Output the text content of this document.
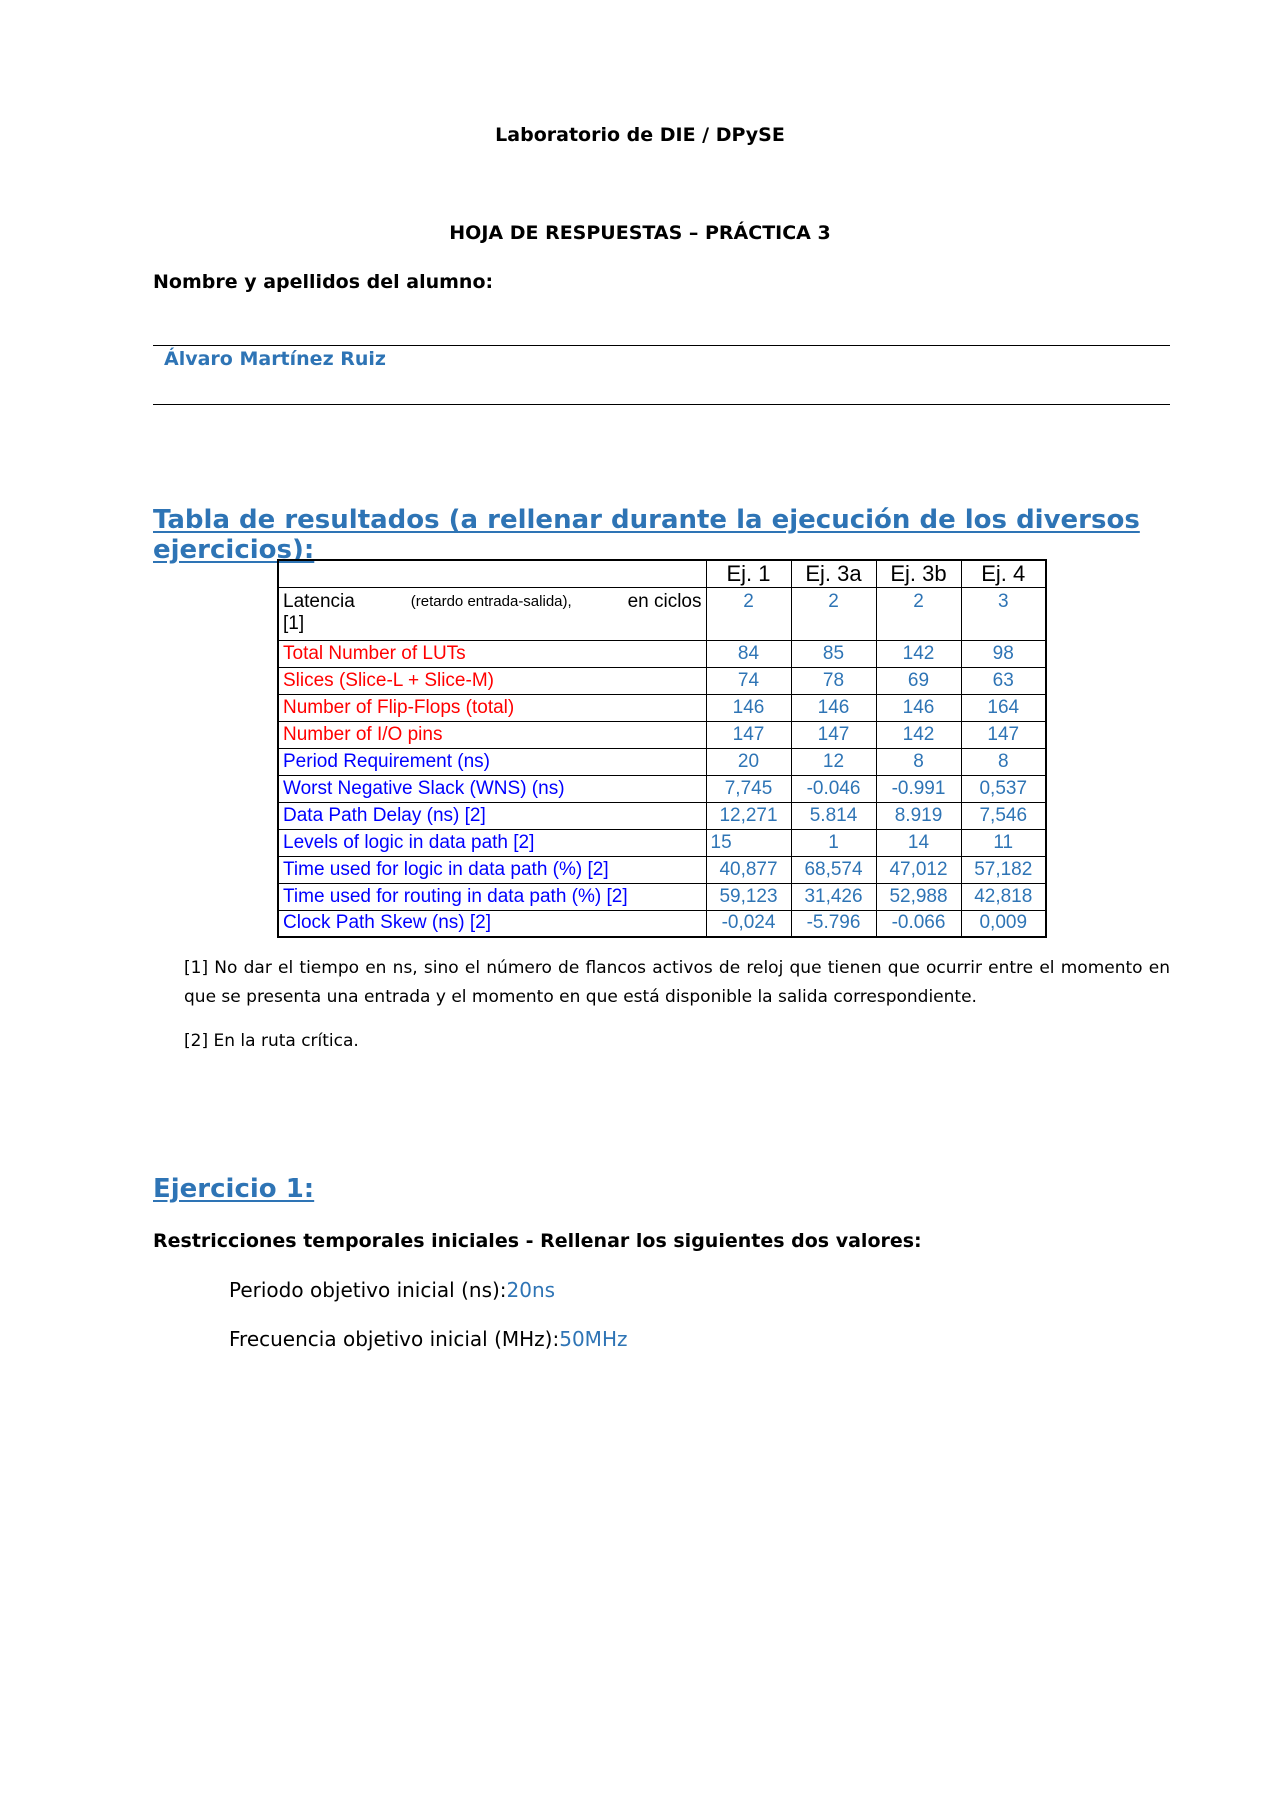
Laboratorio de DIE / DPySE
HOJA DE RESPUESTAS – PRÁCTICA 3
Nombre y apellidos del alumno:
Álvaro Martínez Ruiz
Tabla de resultados (a rellenar durante la ejecución de los diversos ejercicios):
	Ej. 1	Ej. 3a	Ej. 3b	Ej. 4

Latencia (retardo entrada-salida), en ciclos
[1]	2	2	2	3
Total Number of LUTs	84	85	142	98
Slices (Slice-L + Slice-M)	74	78	69	63
Number of Flip-Flops (total)	146	146	146	164
Number of I/O pins	147	147	142	147
Period Requirement (ns)	20	12	8	8
Worst Negative Slack (WNS) (ns)	7,745	-0.046	-0.991	0,537
Data Path Delay (ns) [2]	12,271	5.814	8.919	7,546
Levels of logic in data path [2]	15	1	14	11
Time used for logic in data path (%) [2]	40,877	68,574	47,012	57,182
Time used for routing in data path (%) [2]	59,123	31,426	52,988	42,818
Clock Path Skew (ns) [2]	-0,024	-5.796	-0.066	0,009
[1] No dar el tiempo en ns, sino el número de flancos activos de reloj que tienen que ocurrir entre el momento en que se presenta una entrada y el momento en que está disponible la salida correspondiente.
[2] En la ruta crítica.
Ejercicio 1:
Restricciones temporales iniciales - Rellenar los siguientes dos valores:
Periodo objetivo inicial (ns):20ns
Frecuencia objetivo inicial (MHz):50MHz
